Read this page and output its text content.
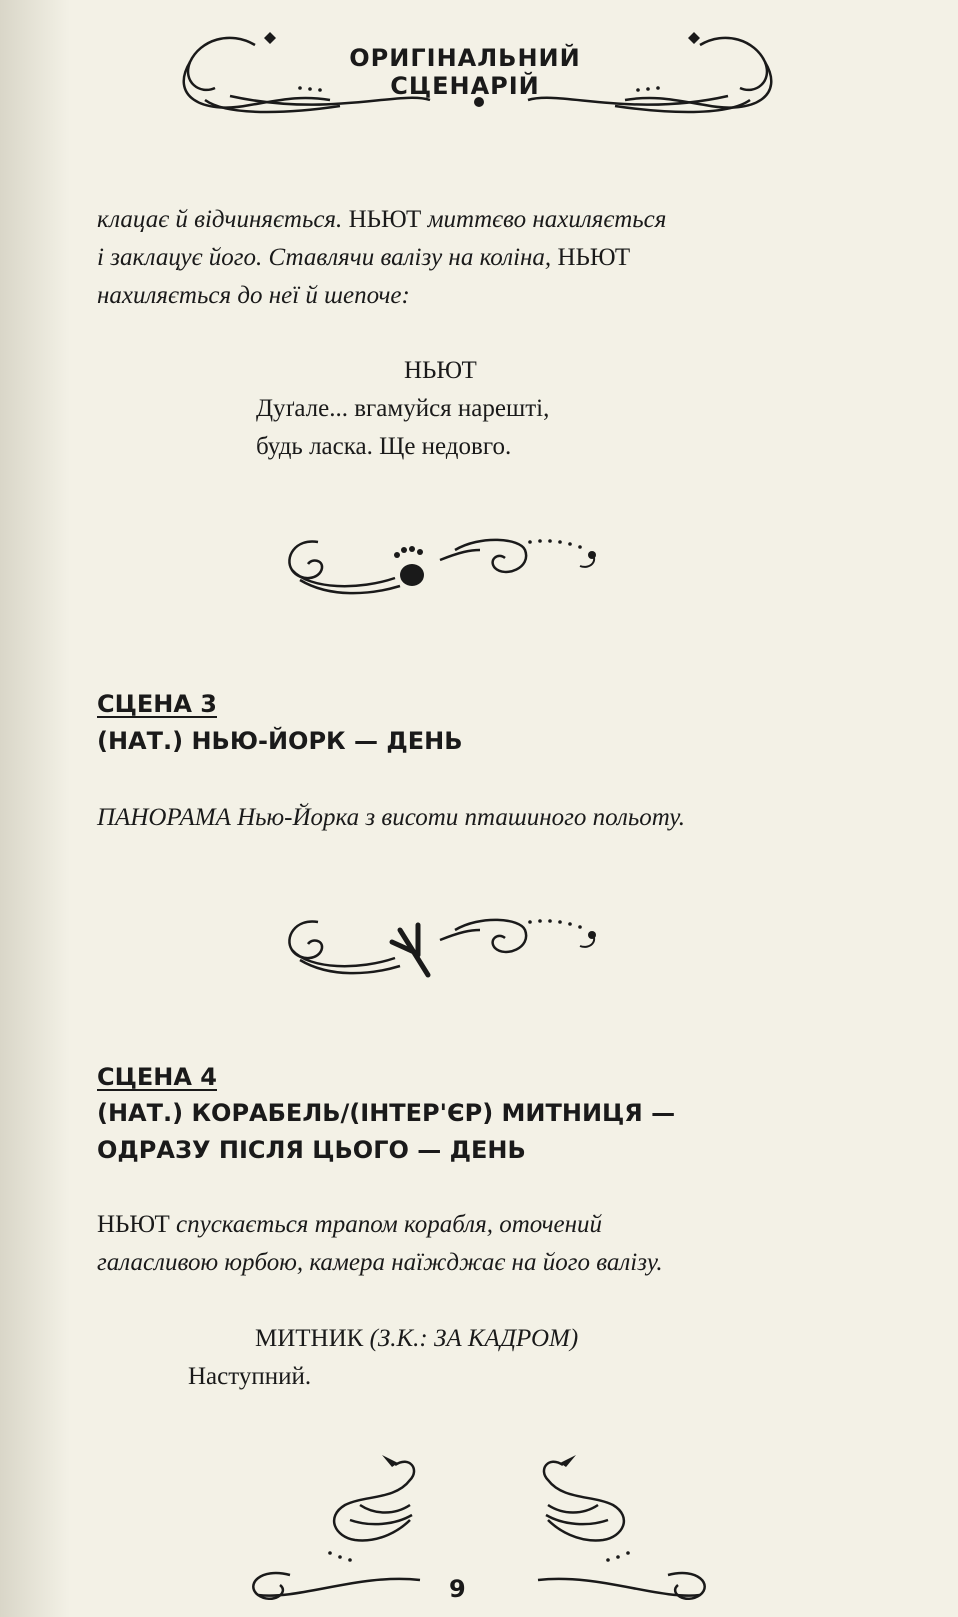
ОРИГІНАЛЬНИЙ СЦЕНАРІЙ

клацає й відчиняється. НЬЮТ миттєво нахиляється

і заклацує його. Ставлячи валізу на коліна, НЬЮТ

нахиляється до неї й шепоче:

НЬЮТ

Дуґале... вгамуйся нарешті,

будь ласка. Ще недовго.

СЦЕНА 3

(НАТ.) НЬЮ-ЙОРК — ДЕНЬ

ПАНОРАМА Нью-Йорка з висоти пташиного польоту.

СЦЕНА 4

(НАТ.) КОРАБЕЛЬ/(ІНТЕР'ЄР) МИТНИЦЯ —

ОДРАЗУ ПІСЛЯ ЦЬОГО — ДЕНЬ

НЬЮТ спускається трапом корабля, оточений

галасливою юрбою, камера наїжджає на його валізу.

МИТНИК (З.К.: ЗА КАДРОМ)

Наступний.

9
